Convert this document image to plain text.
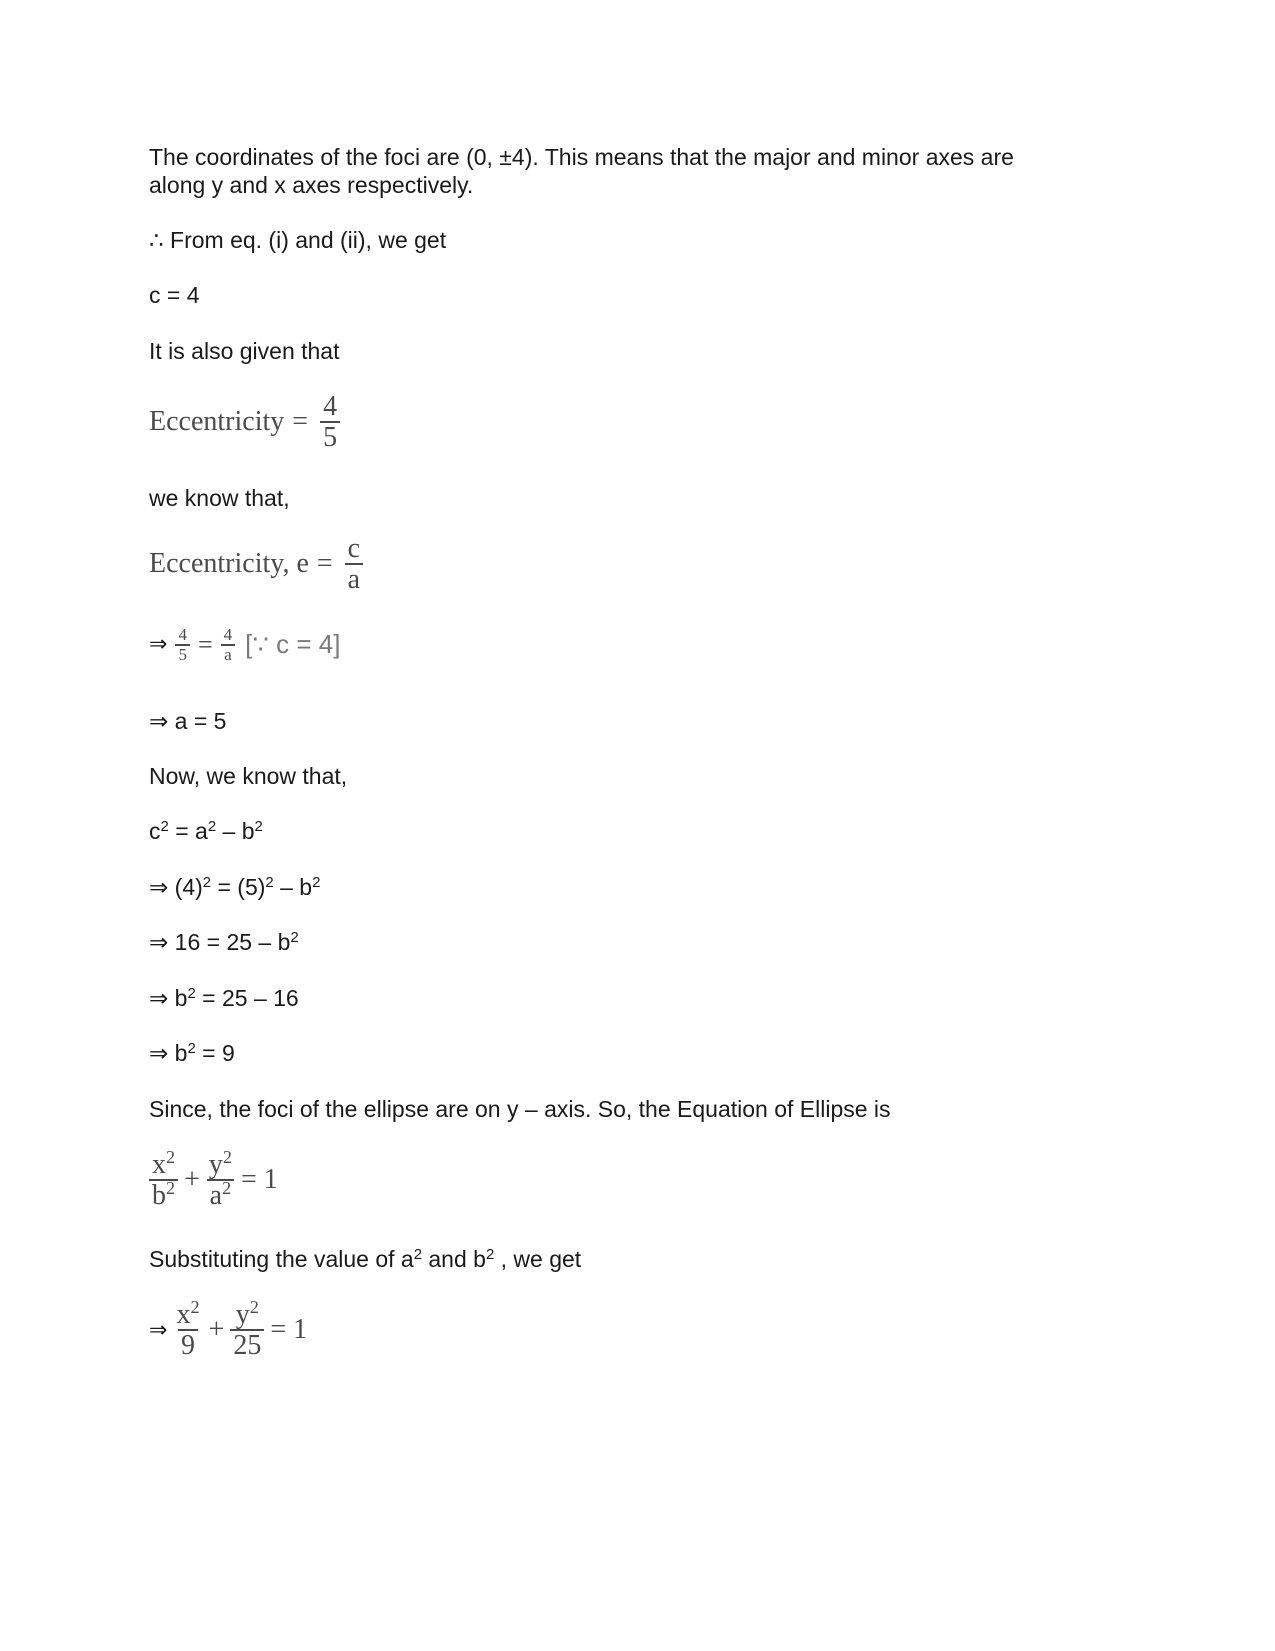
The coordinates of the foci are (0, ±4). This means that the major and minor axes are
along y and x axes respectively.
∴ From eq. (i) and (ii), we get
c = 4
It is also given that
Eccentricity = $\frac{4}{5}$
we know that,
Eccentricity, $e = \frac{c}{a}$
⇒ $\frac{4}{5} = \frac{4}{a}$ [∵ c = 4]
⇒ a = 5
Now, we know that,
$c^2 = a^2 - b^2$
⇒ $(4)^2 = (5)^2 - b^2$
⇒ $16 = 25 - b^2$
⇒ $b^2 = 25 - 16$
⇒ $b^2 = 9$
Since, the foci of the ellipse are on y – axis. So, the Equation of Ellipse is
$\frac{x^2}{b^2} + \frac{y^2}{a^2} = 1$
Substituting the value of $a^2$ and $b^2$ , we get
⇒ $\frac{x^2}{9} + \frac{y^2}{25} = 1$
